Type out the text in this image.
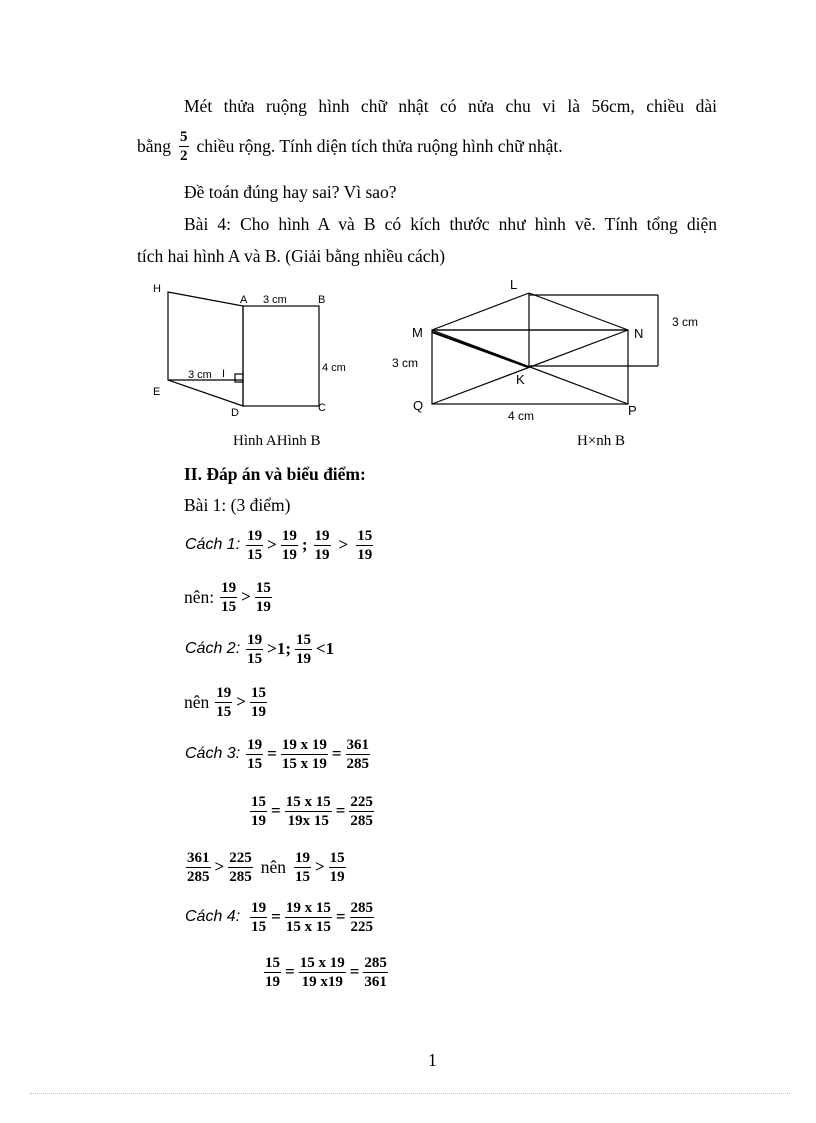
Mét thửa ruộng hình chữ nhật có nửa chu vi là 56cm, chiều dài
bằng $\frac{5}{2}$ chiều rộng. Tính diện tích thửa ruộng hình chữ nhật.
Đề toán đúng hay sai? Vì sao?
Bài 4: Cho hình A và B có kích thước như hình vẽ. Tính tổng diện
tích hai hình A và B. (Giải bằng nhiều cách)
H
A 3 cm	B
4 cm
3 cm I
E
D	C
L
M	N
K
Q	P
3 cm
3 cm
4 cm
Hình AHình B	H×nh B
II. Đáp án và biểu điểm:
Bài 1: (3 điểm)
Cách 1: $\frac{19}{15} > \frac{19}{19}$ ; $\frac{19}{19} > \frac{15}{19}$
nên: $\frac{19}{15} > \frac{15}{19}$
Cách 2: $\frac{19}{15} >1$; $\frac{15}{19} <1$
nên $\frac{19}{15} > \frac{15}{19}$
Cách 3: $\frac{19}{15} = \frac{19 x 19}{15 x 19} = \frac{361}{285}$
$\frac{15}{19} = \frac{15 x 15}{19x 15} = \frac{225}{285}$
$\frac{361}{285} > \frac{225}{285}$ nên $\frac{19}{15} > \frac{15}{19}$
Cách 4: $\frac{19}{15} = \frac{19 x 15}{15 x 15} = \frac{285}{225}$
$\frac{15}{19} = \frac{15 x 19}{19 x19} = \frac{285}{361}$
1
